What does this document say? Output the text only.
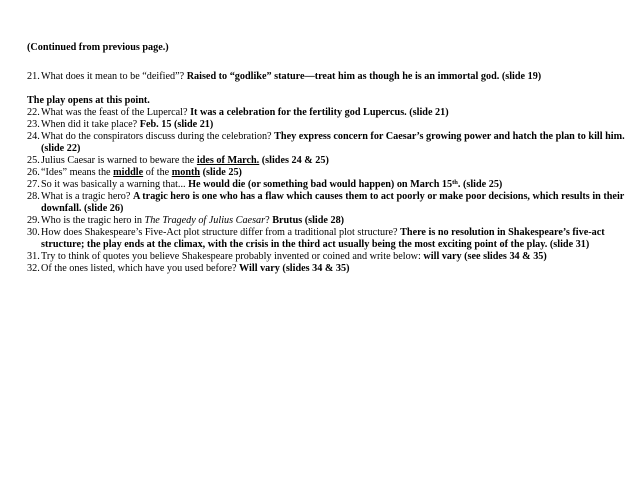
(Continued from previous page.)
21. What does it mean to be “deified”? Raised to “godlike” stature—treat him as though he is an immortal god. (slide 19)
The play opens at this point.
22. What was the feast of the Lupercal? It was a celebration for the fertility god Lupercus. (slide 21)
23. When did it take place? Feb. 15 (slide 21)
24. What do the conspirators discuss during the celebration? They express concern for Caesar’s growing power and hatch the plan to kill him. (slide 22)
25. Julius Caesar is warned to beware the ides of March. (slides 24 & 25)
26. “Ides” means the middle of the month (slide 25)
27. So it was basically a warning that... He would die (or something bad would happen) on March 15th. (slide 25)
28. What is a tragic hero? A tragic hero is one who has a flaw which causes them to act poorly or make poor decisions, which results in their downfall. (slide 26)
29. Who is the tragic hero in The Tragedy of Julius Caesar? Brutus (slide 28)
30. How does Shakespeare’s Five-Act plot structure differ from a traditional plot structure? There is no resolution in Shakespeare’s five-act structure; the play ends at the climax, with the crisis in the third act usually being the most exciting point of the play. (slide 31)
31. Try to think of quotes you believe Shakespeare probably invented or coined and write below: will vary (see slides 34 & 35)
32. Of the ones listed, which have you used before? Will vary (slides 34 & 35)
